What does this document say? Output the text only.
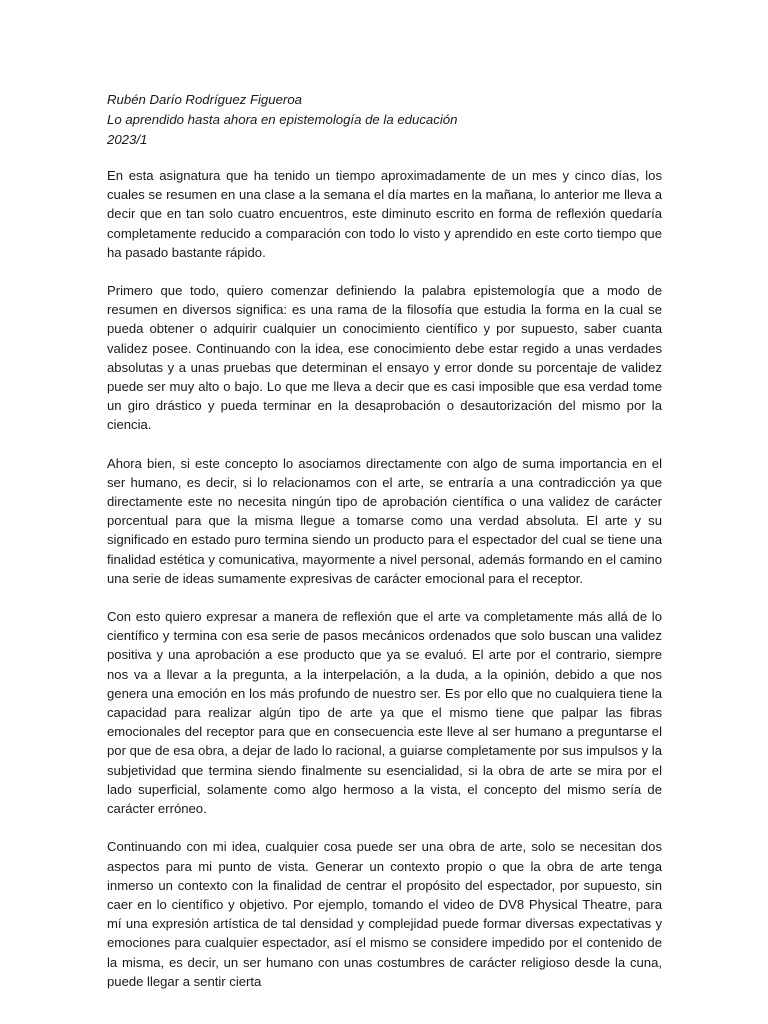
Rubén Darío Rodríguez Figueroa
Lo aprendido hasta ahora en epistemología de la educación
2023/1

En esta asignatura que ha tenido un tiempo aproximadamente de un mes y cinco días, los cuales se resumen en una clase a la semana el día martes en la mañana, lo anterior me lleva a decir que en tan solo cuatro encuentros, este diminuto escrito en forma de reflexión quedaría completamente reducido a comparación con todo lo visto y aprendido en este corto tiempo que ha pasado bastante rápido.

Primero que todo, quiero comenzar definiendo la palabra epistemología que a modo de resumen en diversos significa: es una rama de la filosofía que estudia la forma en la cual se pueda obtener o adquirir cualquier un conocimiento científico y por supuesto, saber cuanta validez posee. Continuando con la idea, ese conocimiento debe estar regido a unas verdades absolutas y a unas pruebas que determinan el ensayo y error donde su porcentaje de validez puede ser muy alto o bajo. Lo que me lleva a decir que es casi imposible que esa verdad tome un giro drástico y pueda terminar en la desaprobación o desautorización del mismo por la ciencia.

Ahora bien, si este concepto lo asociamos directamente con algo de suma importancia en el ser humano, es decir, si lo relacionamos con el arte, se entraría a una contradicción ya que directamente este no necesita ningún tipo de aprobación científica o una validez de carácter porcentual para que la misma llegue a tomarse como una verdad absoluta. El arte y su significado en estado puro termina siendo un producto para el espectador del cual se tiene una finalidad estética y comunicativa, mayormente a nivel personal, además formando en el camino una serie de ideas sumamente expresivas de carácter emocional para el receptor.

Con esto quiero expresar a manera de reflexión que el arte va completamente más allá de lo científico y termina con esa serie de pasos mecánicos ordenados que solo buscan una validez positiva y una aprobación a ese producto que ya se evaluó. El arte por el contrario, siempre nos va a llevar a la pregunta, a la interpelación, a la duda, a la opinión, debido a que nos genera una emoción en los más profundo de nuestro ser. Es por ello que no cualquiera tiene la capacidad para realizar algún tipo de arte ya que el mismo tiene que palpar las fibras emocionales del receptor para que en consecuencia este lleve al ser humano a preguntarse el por que de esa obra, a dejar de lado lo racional, a guiarse completamente por sus impulsos y la subjetividad que termina siendo finalmente su esencialidad, si la obra de arte se mira por el lado superficial, solamente como algo hermoso a la vista, el concepto del mismo sería de carácter erróneo.

Continuando con mi idea, cualquier cosa puede ser una obra de arte, solo se necesitan dos aspectos para mi punto de vista. Generar un contexto propio o que la obra de arte tenga inmerso un contexto con la finalidad de centrar el propósito del espectador, por supuesto, sin caer en lo científico y objetivo. Por ejemplo, tomando el video de DV8 Physical Theatre, para mí una expresión artística de tal densidad y complejidad puede formar diversas expectativas y emociones para cualquier espectador, así el mismo se considere impedido por el contenido de la misma, es decir, un ser humano con unas costumbres de carácter religioso desde la cuna, puede llegar a sentir cierta
